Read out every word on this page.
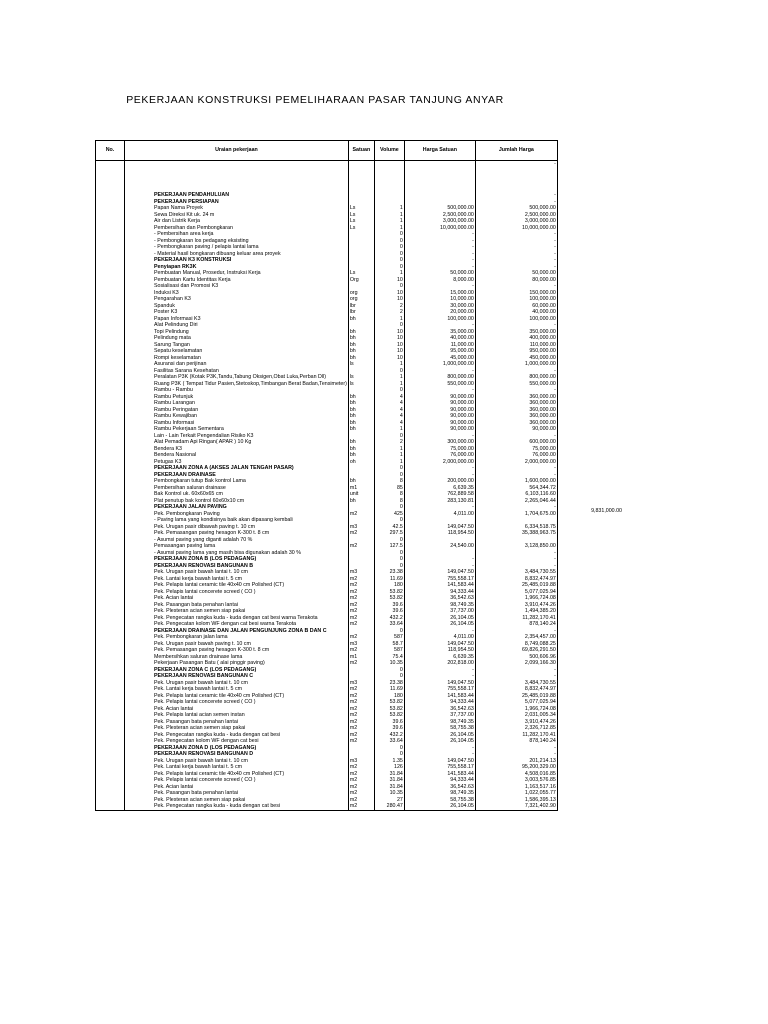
PEKERJAAN KONSTRUKSI PEMELIHARAAN PASAR TANJUNG ANYAR
No.	Uraian pekerjaan	Satuan	Volume	Harga Satuan	Jumlah Harga
					-
	PEKERJAAN PENDAHULUAN				-
	PEKERJAAN PERSIAPAN				-
	Papan Nama Proyek	Ls	1	500,000.00	500,000.00
	Sewa Direksi Kit uk. 24 m	Ls	1	2,500,000.00	2,500,000.00
	Air dan Listrik Kerja	Ls	1	3,000,000.00	3,000,000.00
	Pembersihan dan Pembongkaran	Ls	1	10,000,000.00	10,000,000.00
	- Pembersihan area kerja		0	-	-
	- Pembongkaran los pedagang eksisting		0	-	-
	- Pembongkaran paving / pelapis lantai lama		0	-	-
	- Material hasil bongkaran dibuang keluar area proyek		0	-	-
	PEKERJAAN K3 KONSTRUKSI		0	-	-
	Penyiapan RK3K		0	-	-
	Pembuatan Manual, Prosedur, Instruksi Kerja	Ls	1	50,000.00	50,000.00
	Pembuatan Kartu Identitas Kerja	Org	10	8,000.00	80,000.00
	Sosialisasi dan Promosi K3		0	-	-
	Induksi K3	org	10	15,000.00	150,000.00
	Pengarahan K3	org	10	10,000.00	100,000.00
	Spanduk	lbr	2	30,000.00	60,000.00
	Poster K3	lbr	2	20,000.00	40,000.00
	Papan Informasi K3	bh	1	100,000.00	100,000.00
	Alat Pelindung Diri		0	-	-
	Topi Pelindung	bh	10	35,000.00	350,000.00
	Pelindung mata	bh	10	40,000.00	400,000.00
	Sarung Tangan	bh	10	11,000.00	110,000.00
	Sepatu keselamatan	bh	10	95,000.00	950,000.00
	Rompi keselamatan	bh	10	45,000.00	450,000.00
	Asuransi dan perijinan	ls	1	1,000,000.00	1,000,000.00
	Fasilitas Sarana Kesehatan		0	-	-
	Peralatan P3K (Kotak P3K,Tandu,Tabung Oksigen,Obat Luka,Perban Dll)	ls	1	800,000.00	800,000.00
	Ruang P3K ( Tempat Tidur Pasien,Stetoskop,Timbangan Berat Badan,Tensimeter)	ls	1	550,000.00	550,000.00
	Rambu - Rambu		0	-	-
	Rambu Petunjuk	bh	4	90,000.00	360,000.00
	Rambu Larangan	bh	4	90,000.00	360,000.00
	Rambu Peringatan	bh	4	90,000.00	360,000.00
	Rambu Kewajiban	bh	4	90,000.00	360,000.00
	Rambu Informasi	bh	4	90,000.00	360,000.00
	Rambu Pekerjaan Sementara	bh	1	90,000.00	90,000.00
	Lain - Lain Terkait Pengendalian Risiko K3		0	-	-
	Alat Pemadam Api Ringan( APAR ) 10 Kg	bh	2	300,000.00	600,000.00
	Bendera K3	bh	1	75,000.00	75,000.00
	Bendera Nasional	bh	1	76,000.00	76,000.00
	Petugas K3	oh	1	2,000,000.00	2,000,000.00
	PEKERJAAN ZONA A (AKSES JALAN TENGAH PASAR)		0	-	-
	PEKERJAAN DRAINASE		0	-	-
	Pembongkaran tutup Bak kontrol Lama	bh	8	200,000.00	1,600,000.00
	Pembersihan saluran drainase	m1	85	6,639.35	564,344.72
	Bak Kontrol uk. 60x60x65 cm	unit	8	762,889.58	6,103,116.60
	Plat penutup bak kontrol 60x60x10 cm	bh	8	283,130.81	2,265,046.44
	PEKERJAAN JALAN PAVING		0	-	-
	Pek. Pembongkaran Paving	m2	425	4,011.00	1,704,675.00
	- Paving lama yang kondisinya baik akan dipasang kembali		0		
	Pek. Urugan pasir dibawah paving t. 10 cm	m3	42.5	149,047.50	6,334,518.75
	Pek. Pemasangan paving hexagon K-300 t. 8 cm	m2	297.5	118,954.50	35,388,963.75
	- Asumsi paving yang diganti adalah 70 %		0		
	Pemasangan paving lama	m2	127.5	24,540.00	3,128,850.00
	- Asumsi paving lama yang masih bisa digunakan adalah 30 %		0		-
	PEKERJAAN ZONA B (LOS PEDAGANG)		0	-	-
	PEKERJAAN RENOVASI BANGUNAN B		0	-	-
	Pek. Urugan pasir bawah lantai t. 10 cm	m3	23.38	149,047.50	3,484,730.55
	Pek. Lantai kerja bawah lantai t. 5 cm	m2	11.69	755,558.17	8,832,474.97
	Pek. Pelapis lantai ceramic tile 40x40 cm Polished (CT)	m2	180	141,583.44	25,485,019.88
	Pek. Pelapis lantai concerete screed ( CO )	m2	53.82	94,333.44	5,077,025.94
	Pek. Acian lantai	m2	53.82	36,542.63	1,966,724.08
	Pek. Pasangan bata penahan lantai	m2	39.6	98,749.35	3,910,474.26
	Pek. Plesteran acian semen siap pakai	m2	39.6	37,737.00	1,494,385.20
	Pek. Pengecatan rangka kuda - kuda dengan cat besi warna Terakota	m2	432.2	26,104.05	11,282,170.41
	Pek. Pengecatan kolom WF dengan cat besi warna Terakota	m2	33.64	26,104.05	878,140.24
	PEKERJAAN DRAINASE DAN JALAN PENGUNJUNG ZONA B DAN C		0	-	-
	Pek. Pembongkaran jalan lama	m2	587	4,011.00	2,354,457.00
	Pek. Urugan pasir bawah paving t. 10 cm	m3	58.7	149,047.50	8,749,088.25
	Pek. Pemasangan paving hexagon K-300 t. 8 cm	m2	587	118,954.50	69,826,291.50
	Membersihkan saluran drainase lama	m1	75.4	6,639.35	500,606.96
	Pekerjaan Pasangan Batu ( alai pinggir paving)	m2	10.35	202,818.00	2,099,166.30
	PEKERJAAN ZONA C (LOS PEDAGANG)		0	-	-
	PEKERJAAN RENOVASI BANGUNAN C		0	-	-
	Pek. Urugan pasir bawah lantai t. 10 cm	m3	23.38	149,047.50	3,484,730.55
	Pek. Lantai kerja bawah lantai t. 5 cm	m2	11.69	755,558.17	8,832,474.97
	Pek. Pelapis lantai ceramic tile 40x40 cm Polished (CT)	m2	180	141,583.44	25,485,019.88
	Pek. Pelapis lantai concerete screed ( CO )	m2	53.82	94,333.44	5,077,025.94
	Pek. Acian lantai	m2	53.82	36,542.63	1,966,724.08
	Pek. Pelapis lantai acian semen instan	m2	53.82	37,737.00	2,031,005.34
	Pek. Pasangan bata penahan lantai	m2	39.6	98,749.35	3,910,474.26
	Pek. Plesteran acian semen siap pakai	m2	39.6	58,755.38	2,326,712.85
	Pek. Pengecatan rangka kuda - kuda dengan cat besi	m2	432.2	26,104.05	11,282,170.41
	Pek. Pengecatan kolom WF dengan cat besi	m2	33.64	26,104.05	878,140.24
	PEKERJAAN ZONA D (LOS PEDAGANG)		0	-	-
	PEKERJAAN RENOVASI BANGUNAN D		0	-	-
	Pek. Urugan pasir bawah lantai t. 10 cm	m3	1.35	149,047.50	201,214.13
	Pek. Lantai kerja bawah lantai t. 5 cm	m2	126	755,558.17	95,200,329.00
	Pek. Pelapis lantai ceramic tile 40x40 cm Polished (CT)	m2	31.84	141,583.44	4,508,016.85
	Pek. Pelapis lantai concerete screed ( CO )	m2	31.84	94,333.44	3,003,576.85
	Pek. Acian lantai	m2	31.84	36,542.63	1,163,517.16
	Pek. Pasangan bata penahan lantai	m2	10.35	98,749.35	1,022,055.77
	Pek. Plesteran acian semen siap pakai	m2	27	58,755.38	1,586,395.13
	Pek. Pengecatan rangka kuda - kuda dengan cat besi	m2	280.47	26,104.05	7,321,402.90
9,831,000.00
